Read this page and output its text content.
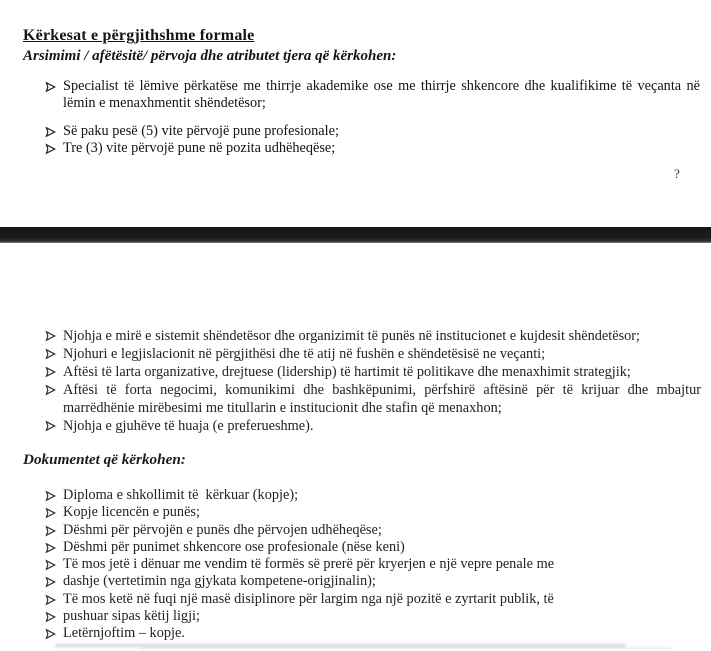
Kërkesat e përgjithshme formale
Arsimimi / afëtësitë/ përvoja dhe atributet tjera që kërkohen:
Specialist të lëmive përkatëse me thirrje akademike ose me thirrje shkencore dhe kualifikime të veçanta në lëmin e menaxhmentit shëndetësor;
Së paku pesë (5) vite përvojë pune profesionale;
Tre (3) vite përvojë pune në pozita udhëheqëse;
?
Njohja e mirë e sistemit shëndetësor dhe organizimit të punës në institucionet e kujdesit shëndetësor;
Njohuri e legjislacionit në përgjithësi dhe të atij në fushën e shëndetësisë ne veçanti;
Aftësi të larta organizative, drejtuese (lidership) të hartimit të politikave dhe menaxhimit strategjik;
Aftësi të forta negocimi, komunikimi dhe bashkëpunimi, përfshirë aftësinë për të krijuar dhe mbajtur marrëdhënie mirëbesimi me titullarin e institucionit dhe stafin që menaxhon;
Njohja e gjuhëve të huaja (e preferueshme).
Dokumentet që kërkohen:
Diploma e shkollimit të  kërkuar (kopje);
Kopje licencën e punës;
Dëshmi për përvojën e punës dhe përvojen udhëheqëse;
Dëshmi për punimet shkencore ose profesionale (nëse keni)
Të mos jetë i dënuar me vendim të formës së prerë për kryerjen e një vepre penale me
dashje (vertetimin nga gjykata kompetene-origjinalin);
Të mos ketë në fuqi një masë disiplinore për largim nga një pozitë e zyrtarit publik, të
pushuar sipas këtij ligji;
Letërnjoftim – kopje.
